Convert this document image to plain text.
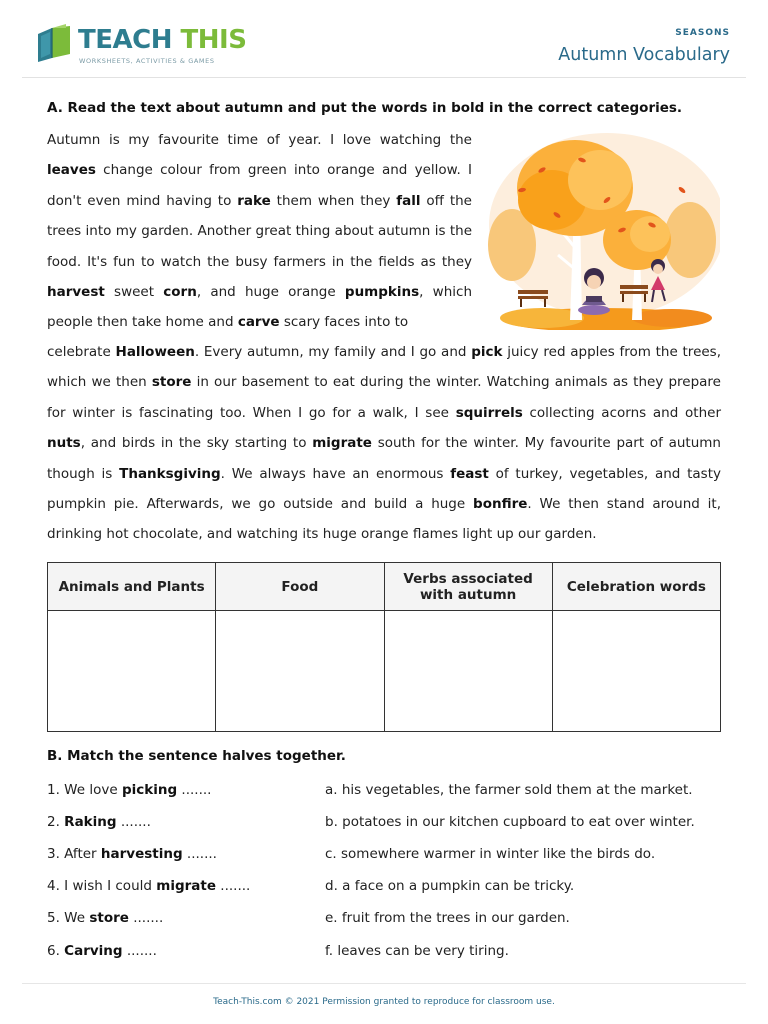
TEACH THIS
WORKSHEETS, ACTIVITIES & GAMES
SEASONS
Autumn Vocabulary
A. Read the text about autumn and put the words in bold in the correct categories.
Autumn is my favourite time of year. I love watching the leaves change colour from green into orange and yellow. I don't even mind having to rake them when they fall off the trees into my garden. Another great thing about autumn is the food. It's fun to watch the busy farmers in the fields as they harvest sweet corn, and huge orange pumpkins, which people then take home and carve scary faces into to
celebrate Halloween. Every autumn, my family and I go and pick juicy red apples from the trees, which we then store in our basement to eat during the winter. Watching animals as they prepare for winter is fascinating too. When I go for a walk, I see squirrels collecting acorns and other nuts, and birds in the sky starting to migrate south for the winter. My favourite part of autumn though is Thanksgiving. We always have an enormous feast of turkey, vegetables, and tasty pumpkin pie. Afterwards, we go outside and build a huge bonfire. We then stand around it, drinking hot chocolate, and watching its huge orange flames light up our garden.
Animals and Plants	Food	Verbs associated with autumn	Celebration words

B. Match the sentence halves together.
1. We love picking .......
2. Raking .......
3. After harvesting .......
4. I wish I could migrate .......
5. We store .......
6. Carving .......
a. his vegetables, the farmer sold them at the market.
b. potatoes in our kitchen cupboard to eat over winter.
c. somewhere warmer in winter like the birds do.
d. a face on a pumpkin can be tricky.
e. fruit from the trees in our garden.
f. leaves can be very tiring.
Teach-This.com © 2021 Permission granted to reproduce for classroom use.
